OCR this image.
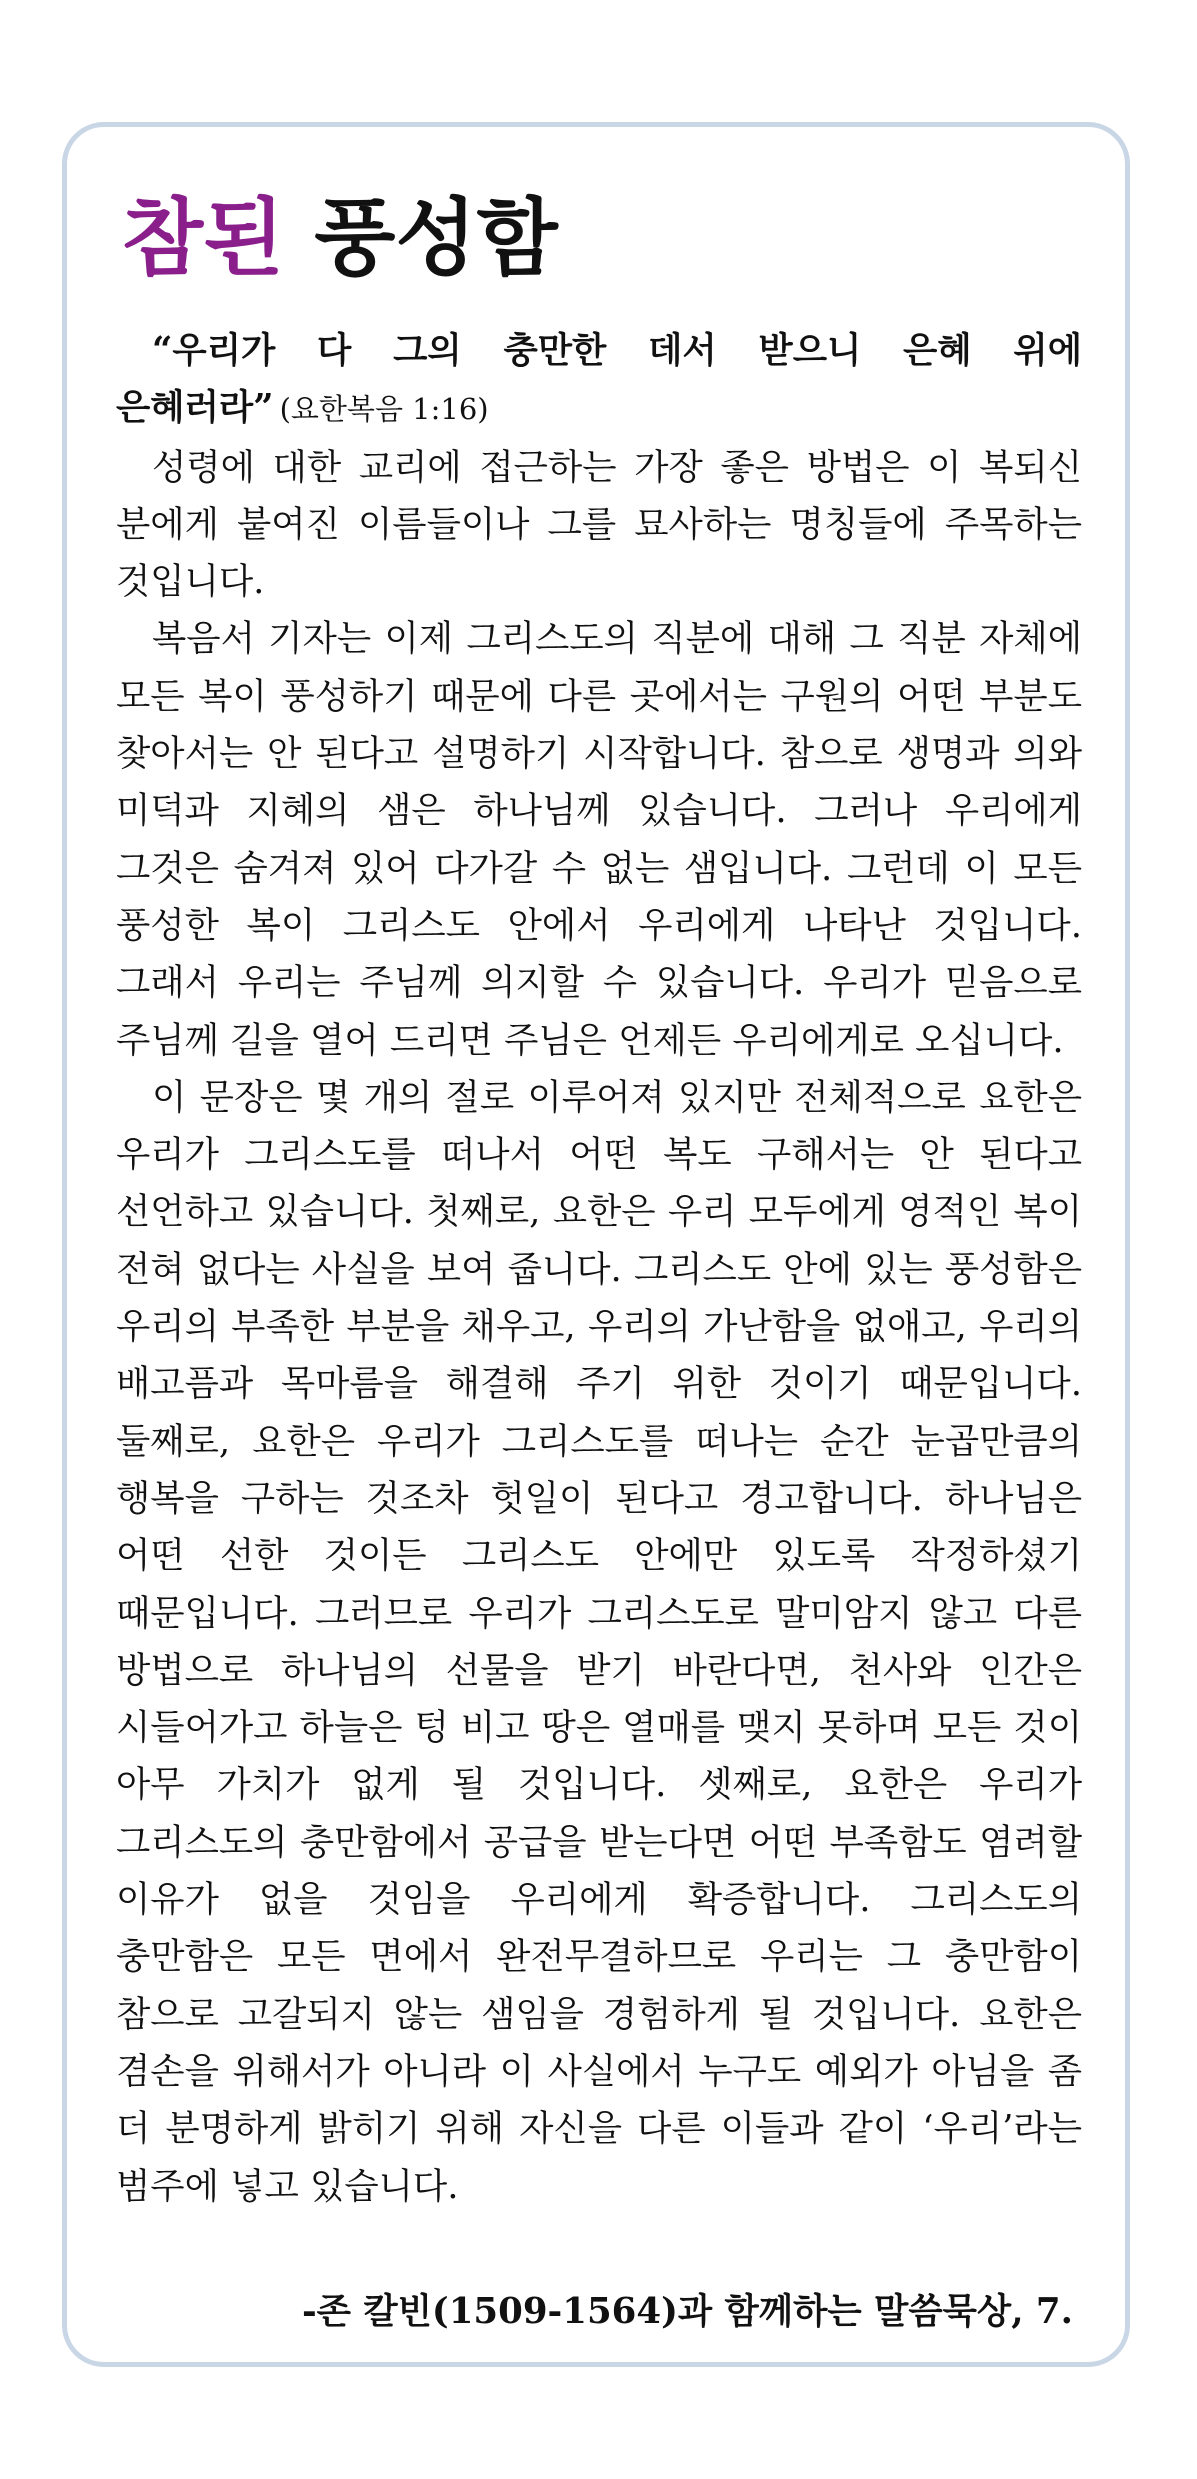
참된 풍성함

“우리가 다 그의 충만한 데서 받으니 은혜 위에 은혜러라” (요한복음 1:16)

성령에 대한 교리에 접근하는 가장 좋은 방법은 이 복되신 분에게 붙여진 이름들이나 그를 묘사하는 명칭들에 주목하는 것입니다.

복음서 기자는 이제 그리스도의 직분에 대해 그 직분 자체에 모든 복이 풍성하기 때문에 다른 곳에서는 구원의 어떤 부분도 찾아서는 안 된다고 설명하기 시작합니다. 참으로 생명과 의와 미덕과 지혜의 샘은 하나님께 있습니다. 그러나 우리에게 그것은 숨겨져 있어 다가갈 수 없는 샘입니다. 그런데 이 모든 풍성한 복이 그리스도 안에서 우리에게 나타난 것입니다. 그래서 우리는 주님께 의지할 수 있습니다. 우리가 믿음으로 주님께 길을 열어 드리면 주님은 언제든 우리에게로 오십니다.

이 문장은 몇 개의 절로 이루어져 있지만 전체적으로 요한은 우리가 그리스도를 떠나서 어떤 복도 구해서는 안 된다고 선언하고 있습니다. 첫째로, 요한은 우리 모두에게 영적인 복이 전혀 없다는 사실을 보여 줍니다. 그리스도 안에 있는 풍성함은 우리의 부족한 부분을 채우고, 우리의 가난함을 없애고, 우리의 배고픔과 목마름을 해결해 주기 위한 것이기 때문입니다. 둘째로, 요한은 우리가 그리스도를 떠나는 순간 눈곱만큼의 행복을 구하는 것조차 헛일이 된다고 경고합니다. 하나님은 어떤 선한 것이든 그리스도 안에만 있도록 작정하셨기 때문입니다. 그러므로 우리가 그리스도로 말미암지 않고 다른 방법으로 하나님의 선물을 받기 바란다면, 천사와 인간은 시들어가고 하늘은 텅 비고 땅은 열매를 맺지 못하며 모든 것이 아무 가치가 없게 될 것입니다. 셋째로, 요한은 우리가 그리스도의 충만함에서 공급을 받는다면 어떤 부족함도 염려할 이유가 없을 것임을 우리에게 확증합니다. 그리스도의 충만함은 모든 면에서 완전무결하므로 우리는 그 충만함이 참으로 고갈되지 않는 샘임을 경험하게 될 것입니다. 요한은 겸손을 위해서가 아니라 이 사실에서 누구도 예외가 아님을 좀 더 분명하게 밝히기 위해 자신을 다른 이들과 같이 ‘우리’라는 범주에 넣고 있습니다.

-존 칼빈(1509-1564)과 함께하는 말씀묵상, 7.
